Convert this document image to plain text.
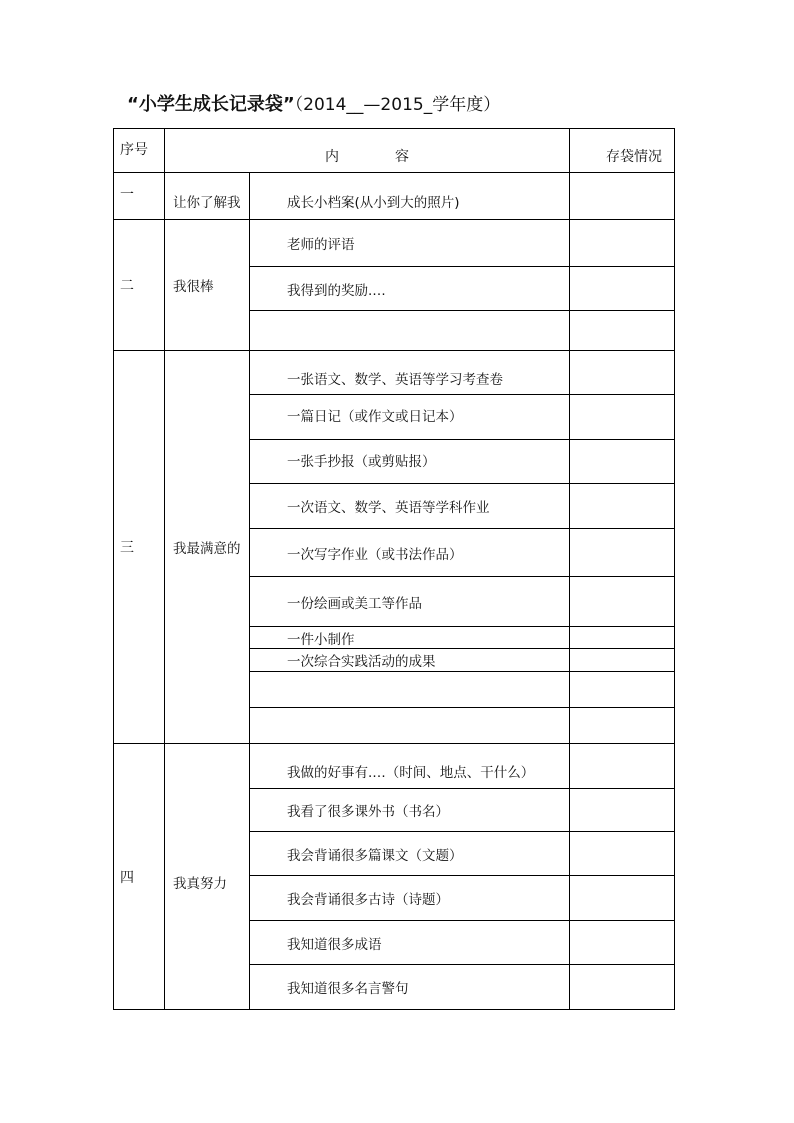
“小学生成长记录袋”（2014__—2015_学年度）
序号	内　　　　容		存袋情况
一	让你了解我	成长小档案(从小到大的照片)	
二	我很棒	老师的评语	
		我得到的奖励.…	

三	我最满意的	一张语文、数学、英语等学习考查卷	
		一篇日记（或作文或日记本）	
		一张手抄报（或剪贴报）	
		一次语文、数学、英语等学科作业	
		一次写字作业（或书法作品）	
		一份绘画或美工等作品	
		一件小制作	
		一次综合实践活动的成果	

四	我真努力	我做的好事有.…（时间、地点、干什么）	
		我看了很多课外书（书名）	
		我会背诵很多篇课文（文题）	
		我会背诵很多古诗（诗题）	
		我知道很多成语	
		我知道很多名言警句	
